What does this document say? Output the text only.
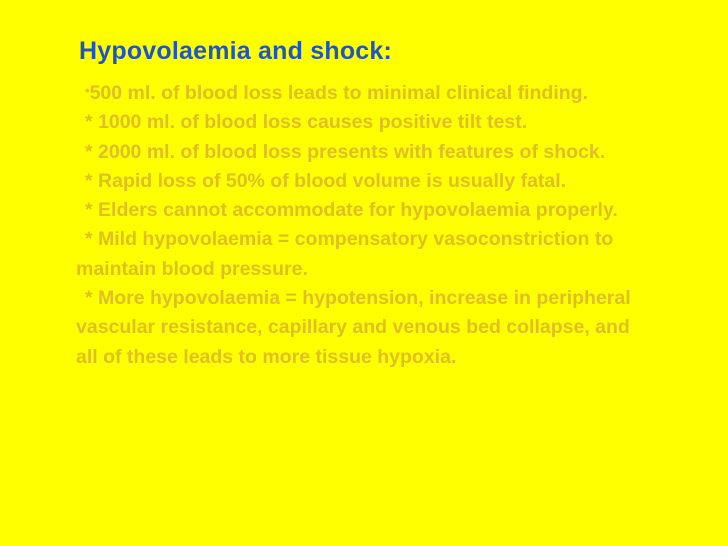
Hypovolaemia and shock:

•500 ml. of blood loss leads to minimal clinical finding.

* 1000 ml. of blood loss causes positive tilt test.

* 2000 ml. of blood loss presents with features of shock.

* Rapid loss of 50% of blood volume is usually fatal.

* Elders cannot accommodate for hypovolaemia properly.

* Mild hypovolaemia = compensatory vasoconstriction to maintain blood pressure.

* More hypovolaemia = hypotension, increase in peripheral vascular resistance, capillary and venous bed collapse, and all of these leads to more tissue hypoxia.
